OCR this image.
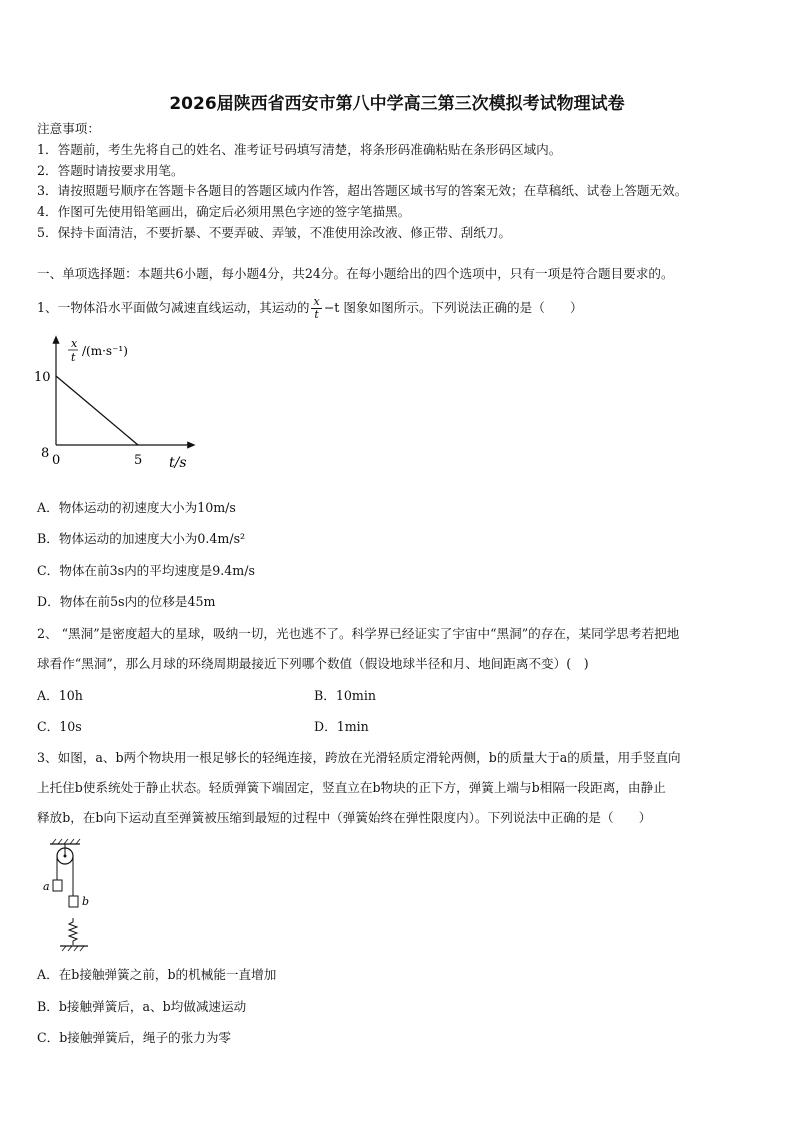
2026届陕西省西安市第八中学高三第三次模拟考试物理试卷
注意事项：
1．答题前，考生先将自己的姓名、准考证号码填写清楚，将条形码准确粘贴在条形码区域内。
2．答题时请按要求用笔。
3．请按照题号顺序在答题卡各题目的答题区域内作答，超出答题区域书写的答案无效；在草稿纸、试卷上答题无效。
4．作图可先使用铅笔画出，确定后必须用黑色字迹的签字笔描黑。
5．保持卡面清洁，不要折暴、不要弄破、弄皱，不准使用涂改液、修正带、刮纸刀。
一、单项选择题：本题共6小题，每小题4分，共24分。在每小题给出的四个选项中，只有一项是符合题目要求的。
1、一物体沿水平面做匀减速直线运动，其运动的 $\frac{x}{t} -t$ 图象如图所示。下列说法正确的是（　　）
x
t /(m·s⁻¹)
10
8 0	5 t/s
A．物体运动的初速度大小为10m/s
B．物体运动的加速度大小为0.4m/s²
C．物体在前3s内的平均速度是9.4m/s
D．物体在前5s内的位移是45m
2、 “黑洞”是密度超大的星球，吸纳一切，光也逃不了。科学界已经证实了宇宙中“黑洞”的存在，某同学思考若把地
球看作“黑洞”，那么月球的环绕周期最接近下列哪个数值（假设地球半径和月、地间距离不变）(　)
A．10h	B．10min
C．10s	D．1min
3、如图，a、b两个物块用一根足够长的轻绳连接，跨放在光滑轻质定滑轮两侧，b的质量大于a的质量，用手竖直向
上托住b使系统处于静止状态。轻质弹簧下端固定，竖直立在b物块的正下方，弹簧上端与b相隔一段距离，由静止
释放b，在b向下运动直至弹簧被压缩到最短的过程中（弹簧始终在弹性限度内）。下列说法中正确的是（　　）
a
b
A．在b接触弹簧之前，b的机械能一直增加
B．b接触弹簧后，a、b均做减速运动
C．b接触弹簧后，绳子的张力为零
